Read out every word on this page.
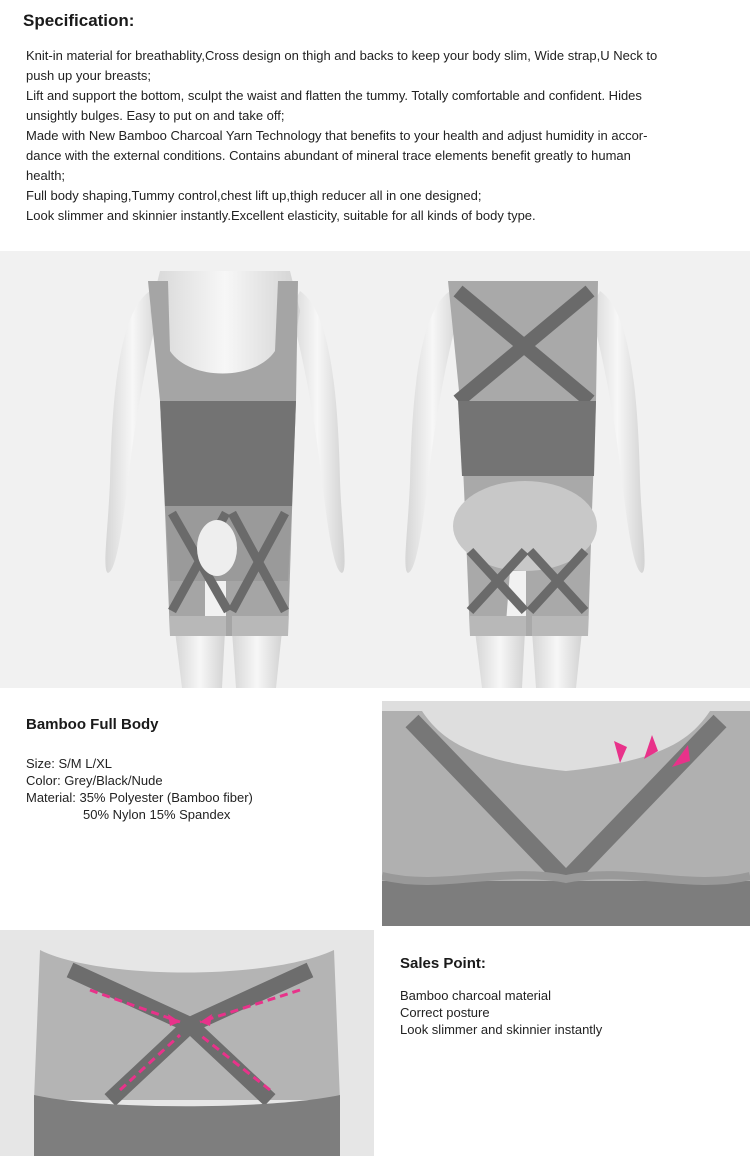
Specification:

Knit-in material for breathablity,Cross design on thigh and backs to keep your body slim, Wide strap,U Neck to

push up your breasts;

Lift and support the bottom, sculpt the waist and flatten the tummy. Totally comfortable and confident. Hides

unsightly bulges. Easy to put on and take off;

Made with New Bamboo Charcoal Yarn Technology that benefits to your health and adjust humidity in accor-

dance with the external conditions. Contains abundant of mineral trace elements benefit greatly to human

health;

Full body shaping,Tummy control,chest lift up,thigh reducer all in one designed;

Look slimmer and skinnier instantly.Excellent elasticity, suitable for all kinds of body type.

Bamboo Full Body
Size: S/M L/XL
Color: Grey/Black/Nude
Material: 35% Polyester (Bamboo fiber)
50% Nylon 15% Spandex
Sales Point:
Bamboo charcoal material
Correct posture
Look slimmer and skinnier instantly
